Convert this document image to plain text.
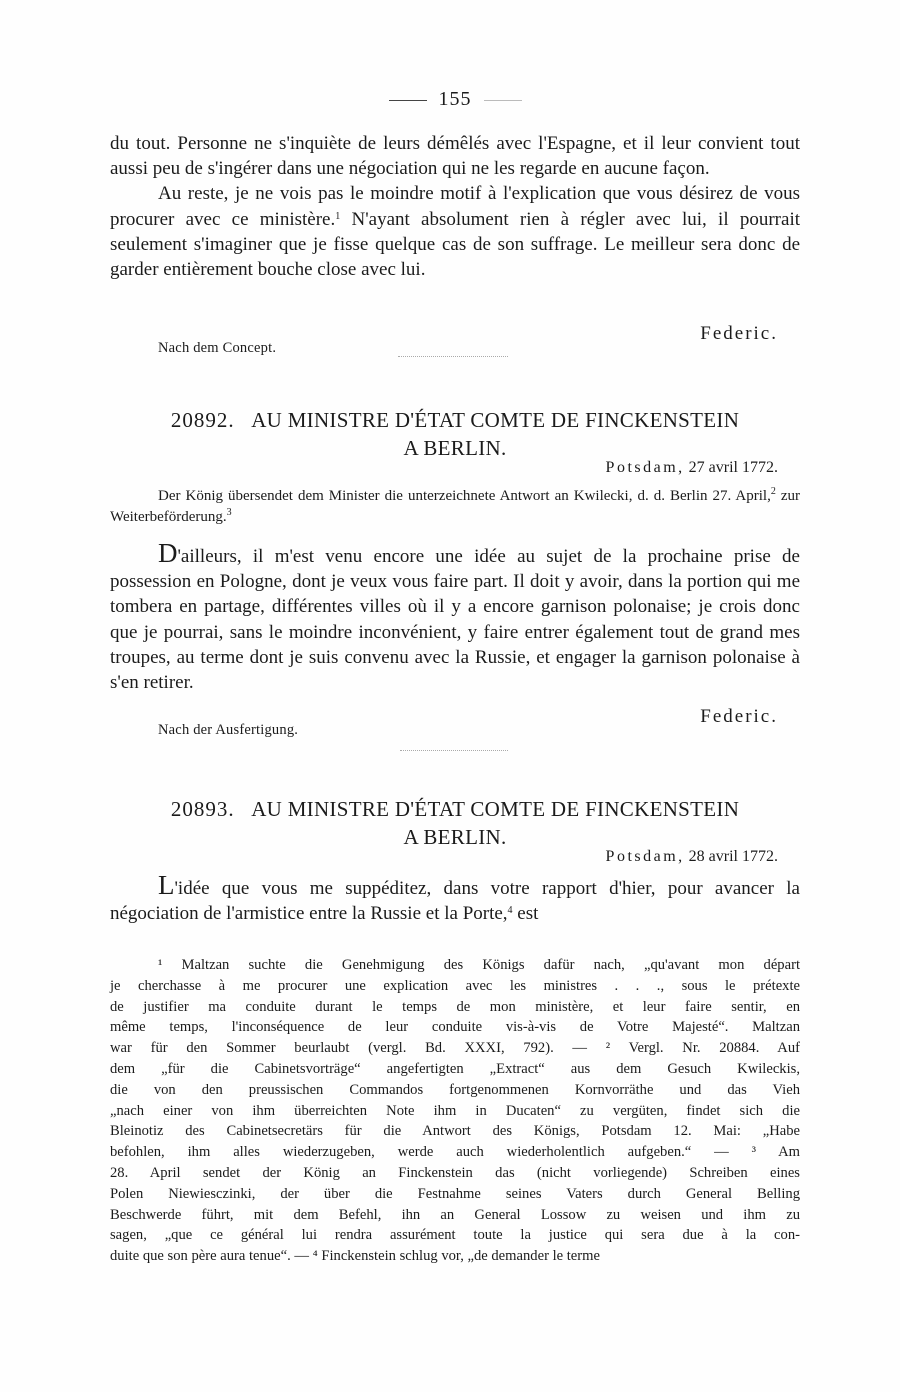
155

du tout. Personne ne s'inquiète de leurs démêlés avec l'Espagne, et il leur convient tout aussi peu de s'ingérer dans une négociation qui ne les regarde en aucune façon.

Au reste, je ne vois pas le moindre motif à l'explication que vous désirez de vous procurer avec ce ministère.$^1$ N'ayant absolument rien à régler avec lui, il pourrait seulement s'imaginer que je fisse quelque cas de son suffrage. Le meilleur sera donc de garder entièrement bouche close avec lui.

Federic.
Nach dem Concept.
20892. AU MINISTRE D'ÉTAT COMTE DE FINCKENSTEIN
A BERLIN.
Potsdam, 27 avril 1772.
Der König übersendet dem Minister die unterzeichnete Antwort an Kwilecki, d. d. Berlin 27. April,$^2$ zur Weiterbeförderung.$^3$

D'ailleurs, il m'est venu encore une idée au sujet de la prochaine prise de possession en Pologne, dont je veux vous faire part. Il doit y avoir, dans la portion qui me tombera en partage, différentes villes où il y a encore garnison polonaise; je crois donc que je pourrai, sans le moindre inconvénient, y faire entrer également tout de grand mes troupes, au terme dont je suis convenu avec la Russie, et engager la garnison polonaise à s'en retirer.

Federic.
Nach der Ausfertigung.
20893. AU MINISTRE D'ÉTAT COMTE DE FINCKENSTEIN
A BERLIN.
Potsdam, 28 avril 1772.

L'idée que vous me suppéditez, dans votre rapport d'hier, pour avancer la négociation de l'armistice entre la Russie et la Porte,$^4$ est

¹ Maltzan suchte die Genehmigung des Königs dafür nach, „qu'avant mon départ
je cherchasse à me procurer une explication avec les ministres . . ., sous le prétexte
de justifier ma conduite durant le temps de mon ministère, et leur faire sentir, en
même temps, l'inconséquence de leur conduite vis-à-vis de Votre Majesté“. Maltzan
war für den Sommer beurlaubt (vergl. Bd. XXXI, 792). — ² Vergl. Nr. 20884. Auf
dem „für die Cabinetsvorträge“ angefertigten „Extract“ aus dem Gesuch Kwileckis,
die von den preussischen Commandos fortgenommenen Kornvorräthe und das Vieh
„nach einer von ihm überreichten Note ihm in Ducaten“ zu vergüten, findet sich die
Bleinotiz des Cabinetsecretärs für die Antwort des Königs, Potsdam 12. Mai: „Habe
befohlen, ihm alles wiederzugeben, werde auch wiederholentlich aufgeben.“ — ³ Am
28. April sendet der König an Finckenstein das (nicht vorliegende) Schreiben eines
Polen Niewiesczinki, der über die Festnahme seines Vaters durch General Belling
Beschwerde führt, mit dem Befehl, ihn an General Lossow zu weisen und ihm zu
sagen, „que ce général lui rendra assurément toute la justice qui sera due à la con-
duite que son père aura tenue“. — ⁴ Finckenstein schlug vor, „de demander le terme
